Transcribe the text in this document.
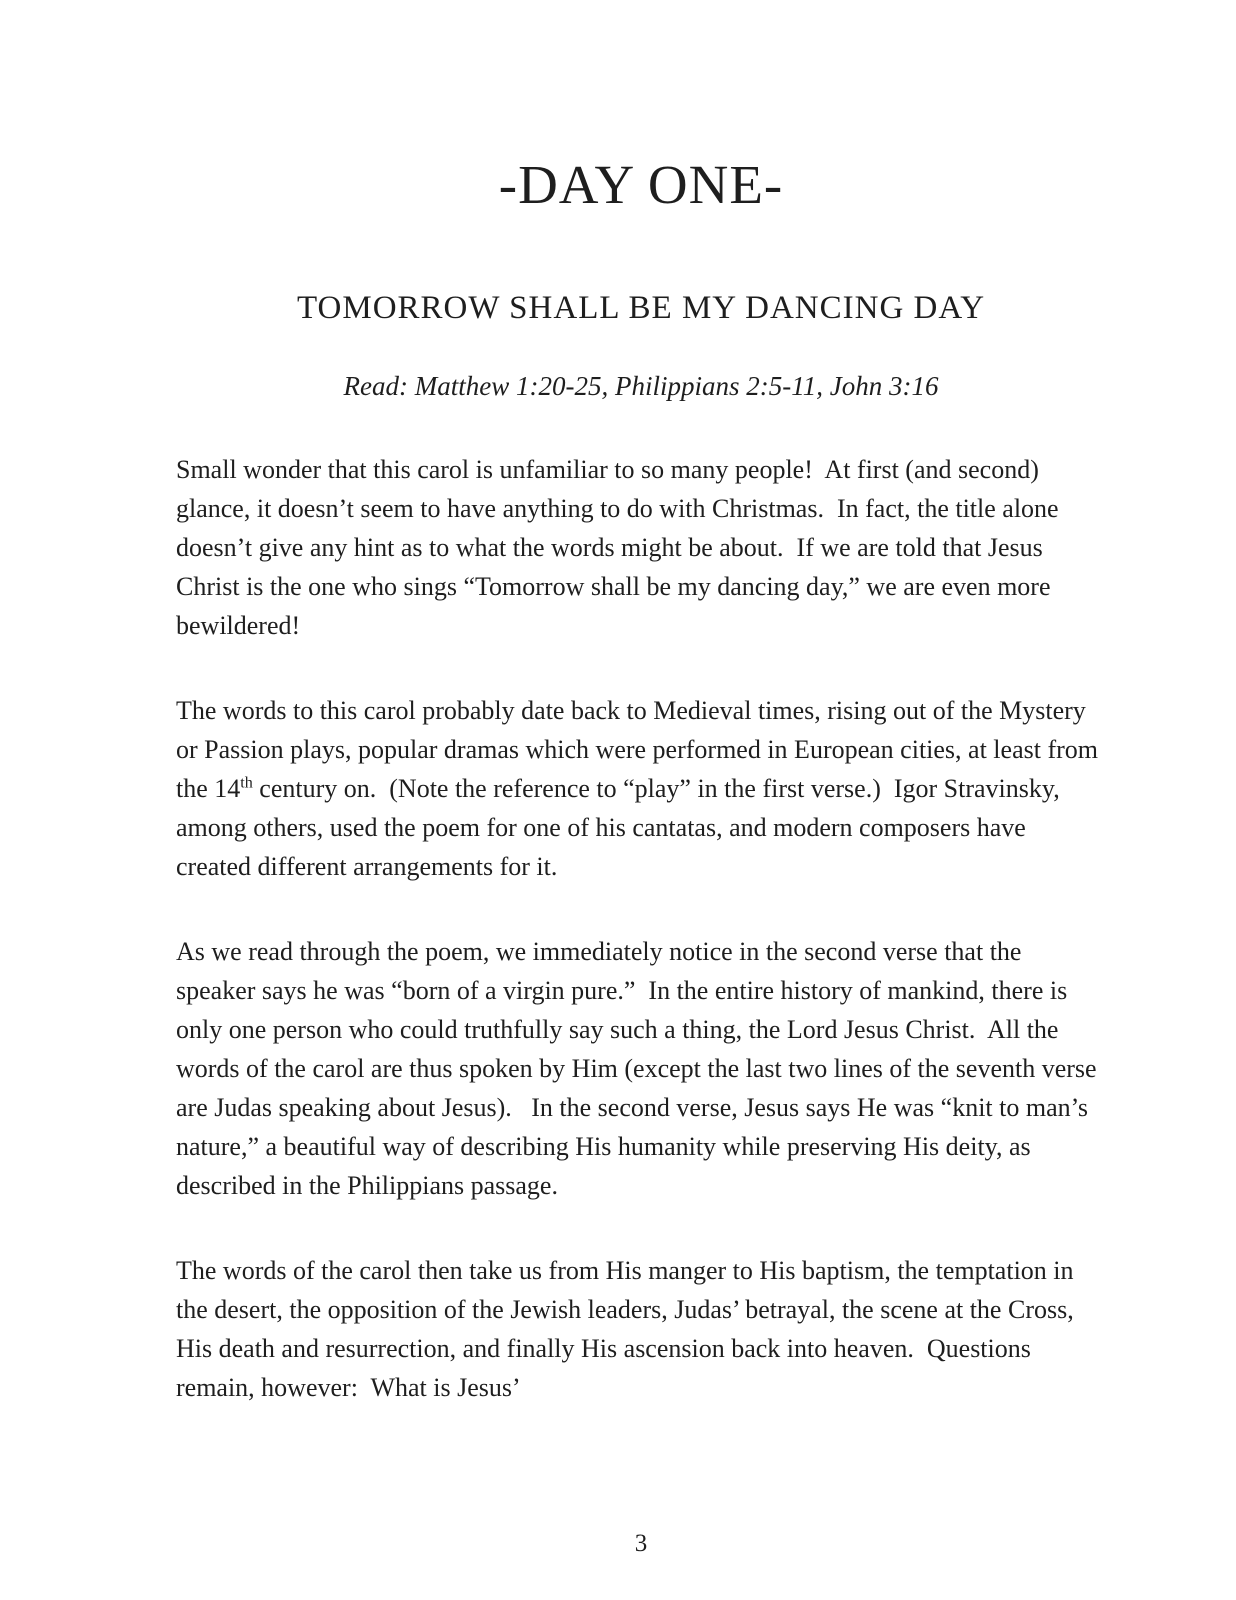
-DAY ONE-
TOMORROW SHALL BE MY DANCING DAY
Read: Matthew 1:20-25, Philippians 2:5-11, John 3:16

Small wonder that this carol is unfamiliar to so many people!  At first (and second) glance, it doesn’t seem to have anything to do with Christmas.  In fact, the title alone doesn’t give any hint as to what the words might be about.  If we are told that Jesus Christ is the one who sings “Tomorrow shall be my dancing day,” we are even more bewildered!

The words to this carol probably date back to Medieval times, rising out of the Mystery or Passion plays, popular dramas which were performed in European cities, at least from the 14th century on.  (Note the reference to “play” in the first verse.)  Igor Stravinsky, among others, used the poem for one of his cantatas, and modern composers have created different arrangements for it.

As we read through the poem, we immediately notice in the second verse that the speaker says he was “born of a virgin pure.”  In the entire history of mankind, there is only one person who could truthfully say such a thing, the Lord Jesus Christ.  All the words of the carol are thus spoken by Him (except the last two lines of the seventh verse are Judas speaking about Jesus).   In the second verse, Jesus says He was “knit to man’s nature,” a beautiful way of describing His humanity while preserving His deity, as described in the Philippians passage.

The words of the carol then take us from His manger to His baptism, the temptation in the desert, the opposition of the Jewish leaders, Judas’ betrayal, the scene at the Cross, His death and resurrection, and finally His ascension back into heaven.  Questions remain, however:  What is Jesus’

3
